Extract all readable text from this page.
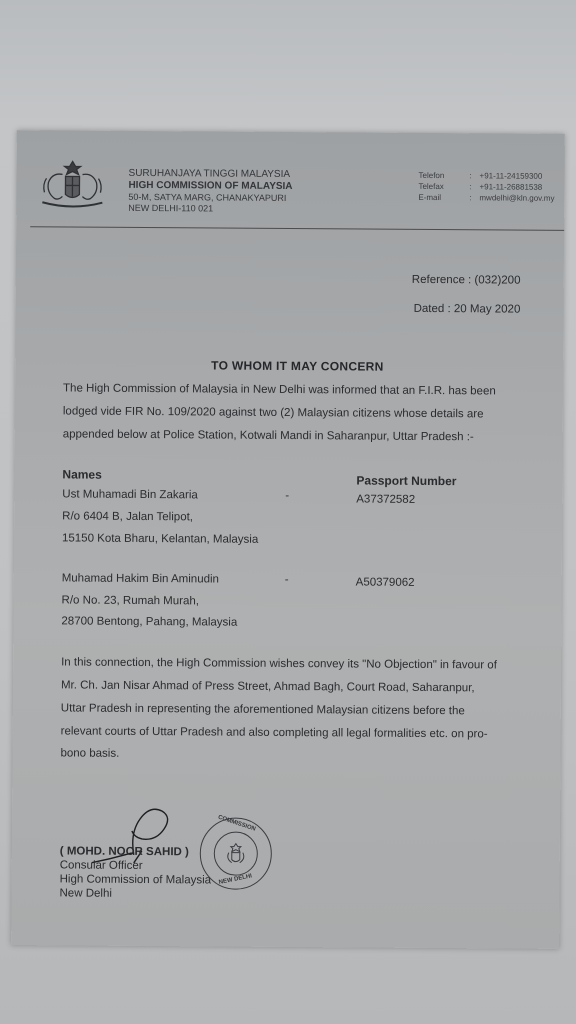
SURUHANJAYA TINGGI MALAYSIA
HIGH COMMISSION OF MALAYSIA
50-M, SATYA MARG, CHANAKYAPURI
NEW DELHI-110 021
Telefon	: +91-11-24159300
Telefax	: +91-11-26881538
E-mail	: mwdelhi@kln.gov.my
Reference : (032)200
Dated : 20 May 2020
TO WHOM IT MAY CONCERN
The High Commission of Malaysia in New Delhi was informed that an F.I.R. has been
lodged vide FIR No. 109/2020 against two (2) Malaysian citizens whose details are
appended below at Police Station, Kotwali Mandi in Saharanpur, Uttar Pradesh :-
Names	Passport Number
Ust Muhamadi Bin Zakaria	-	A37372582
R/o 6404 B, Jalan Telipot,
15150 Kota Bharu, Kelantan, Malaysia
Muhamad Hakim Bin Aminudin	-	A50379062
R/o No. 23, Rumah Murah,
28700 Bentong, Pahang, Malaysia
In this connection, the High Commission wishes convey its "No Objection" in favour of
Mr. Ch. Jan Nisar Ahmad of Press Street, Ahmad Bagh, Court Road, Saharanpur,
Uttar Pradesh in representing the aforementioned Malaysian citizens before the
relevant courts of Uttar Pradesh and also completing all legal formalities etc. on pro-
bono basis.
( MOHD. NOOR SAHID )
Consular Officer
High Commission of Malaysia
New Delhi
COMMISSION
NEW DELHI
